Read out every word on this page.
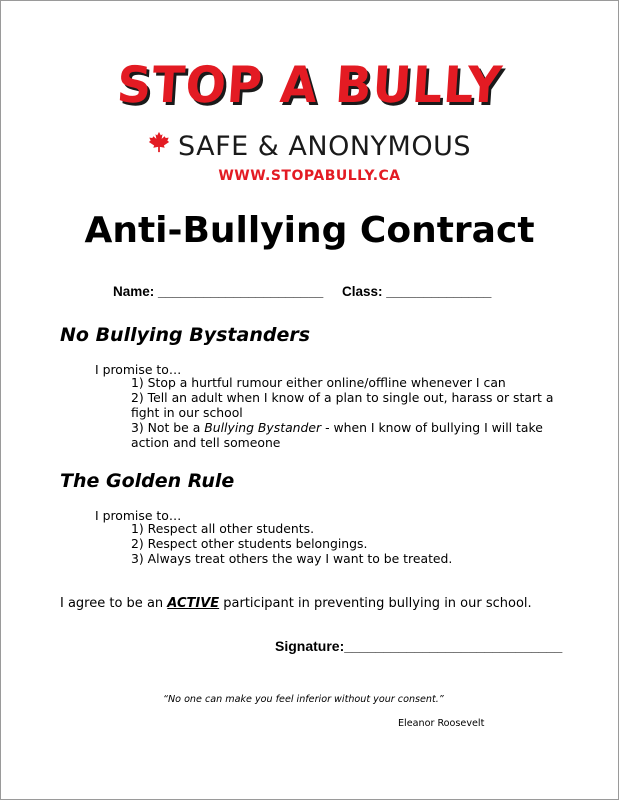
STOP A BULLY
SAFE & ANONYMOUS
WWW.STOPABULLY.CA
Anti-Bullying Contract
Name: ______________________ Class: ______________
No Bullying Bystanders
I promise to…
1) Stop a hurtful rumour either online/offline whenever I can
2) Tell an adult when I know of a plan to single out, harass or start a
fight in our school
3) Not be a Bullying Bystander - when I know of bullying I will take
action and tell someone
The Golden Rule
I promise to…
1) Respect all other students.
2) Respect other students belongings.
3) Always treat others the way I want to be treated.
I agree to be an ACTIVE participant in preventing bullying in our school.
Signature:____________________________
“No one can make you feel inferior without your consent.”
Eleanor Roosevelt
